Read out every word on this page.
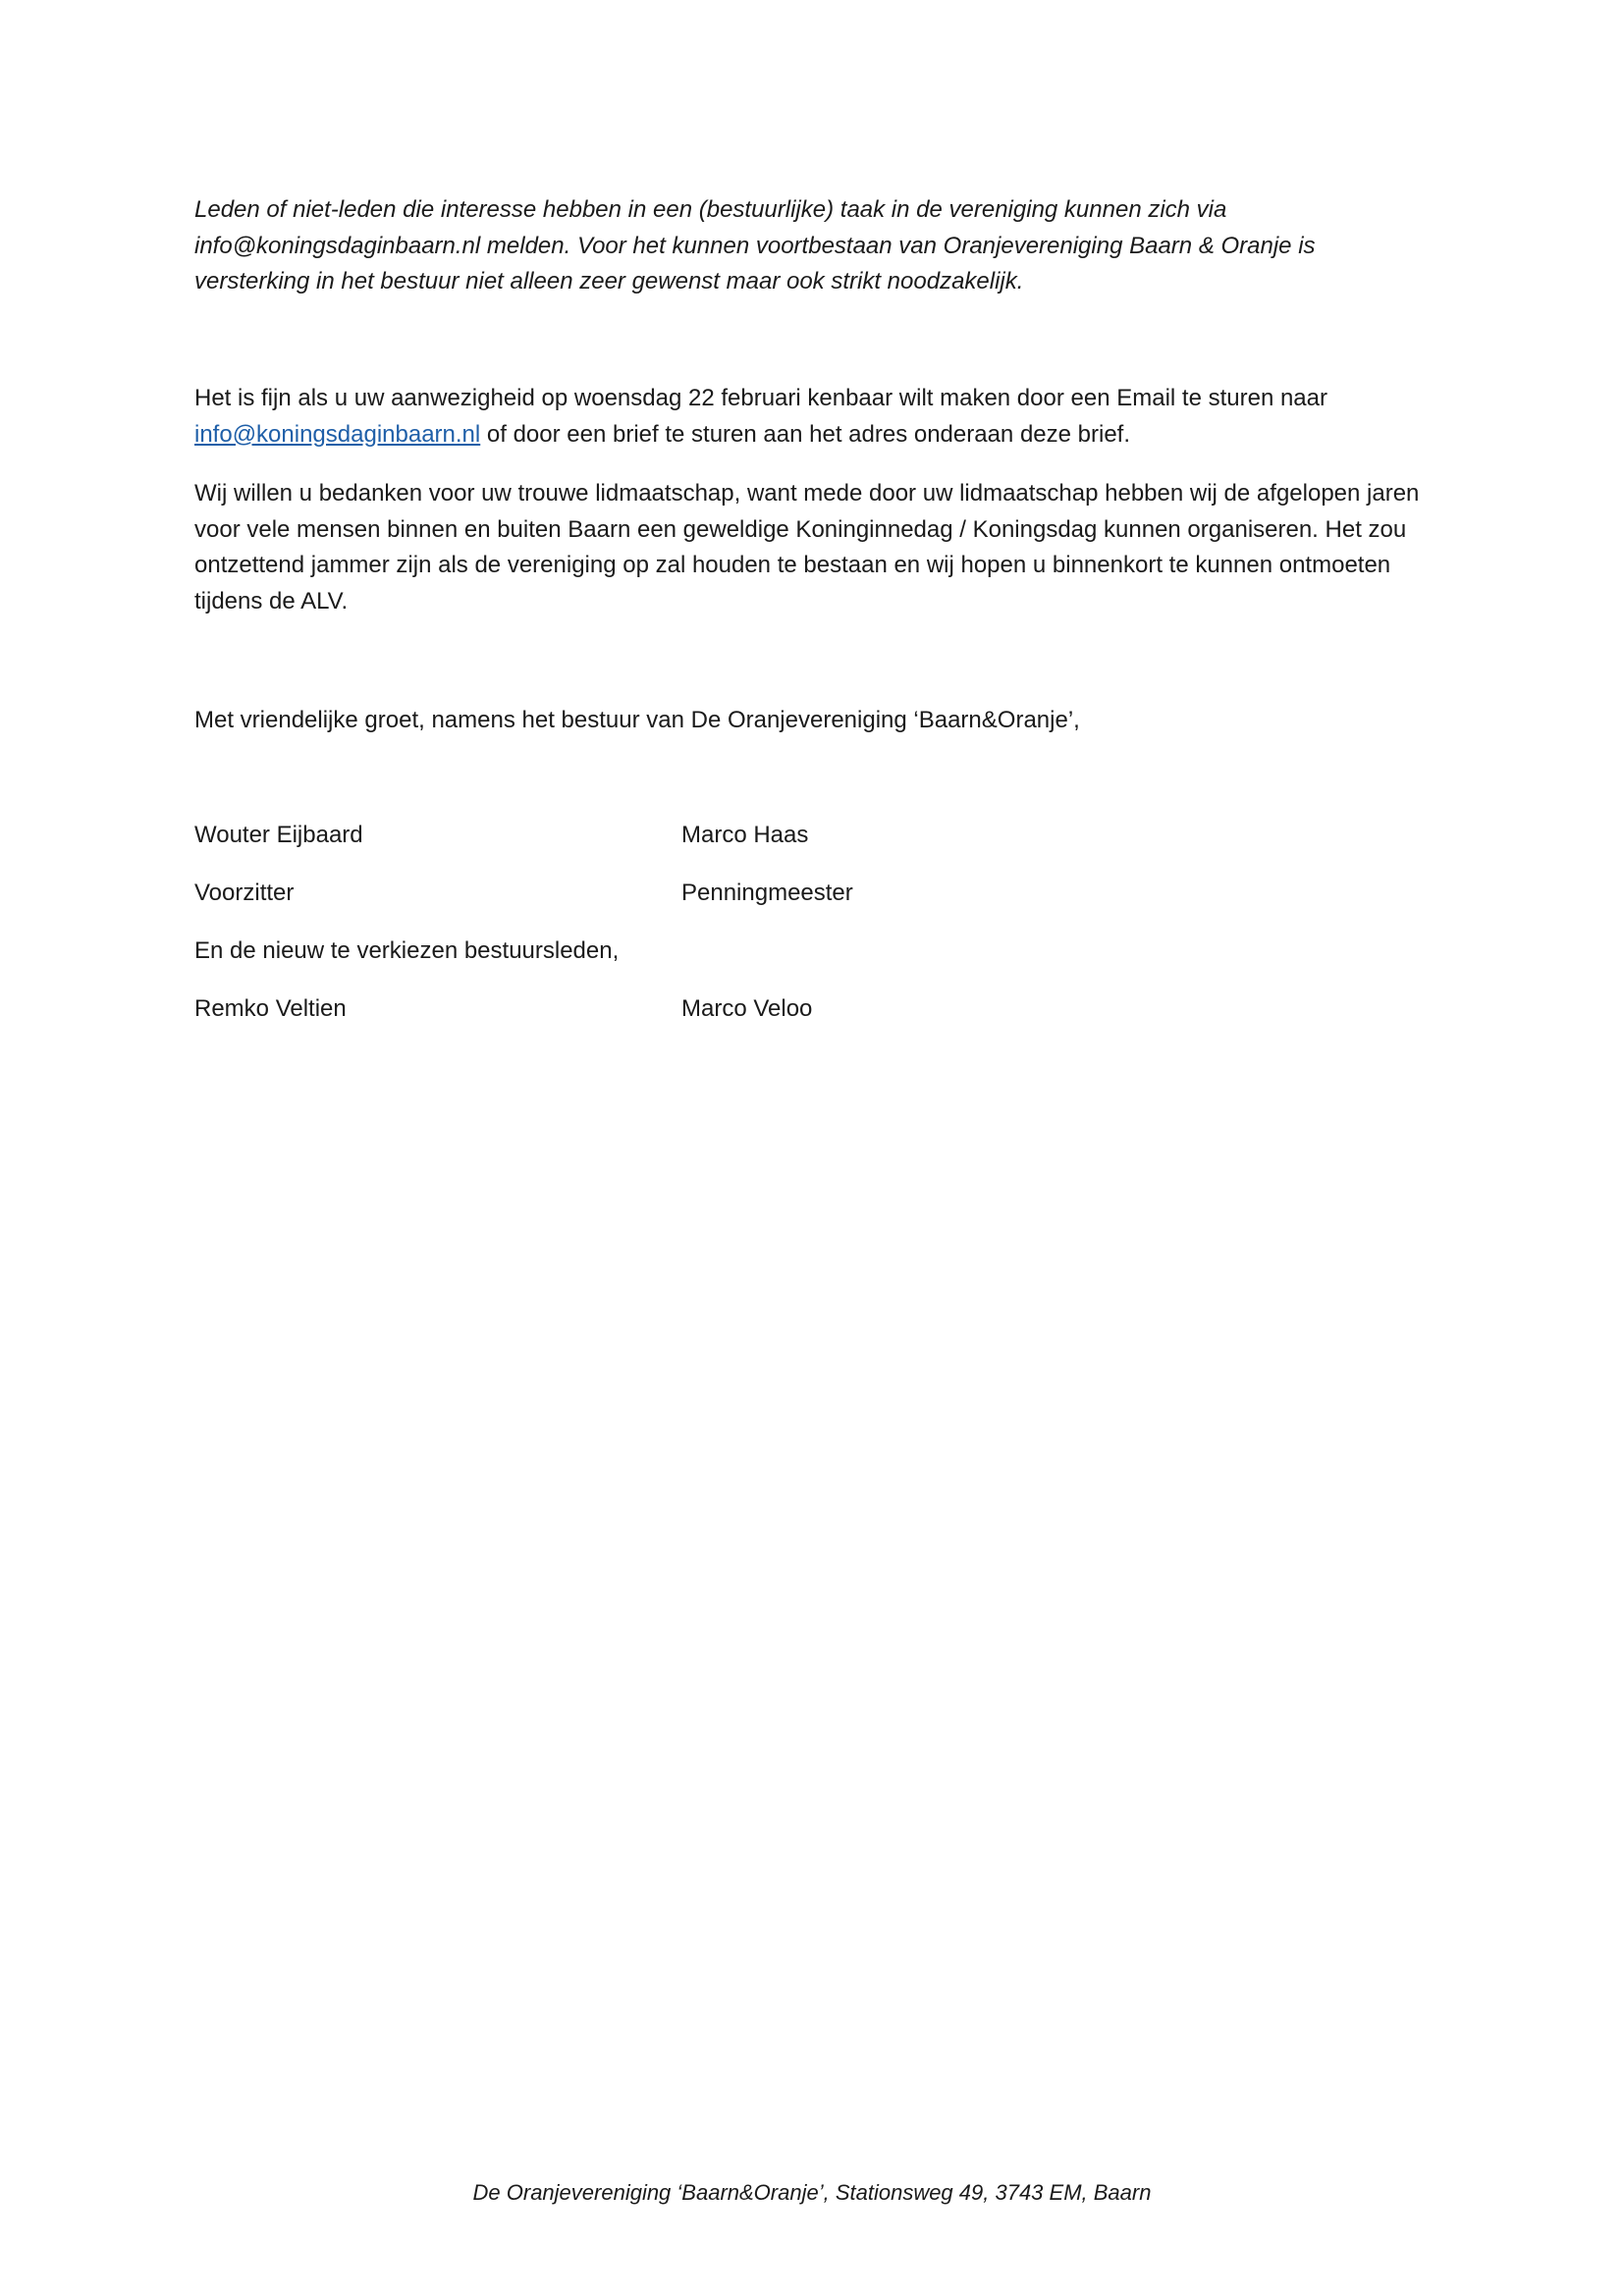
Leden of niet-leden die interesse hebben in een (bestuurlijke) taak in de vereniging kunnen zich via info@koningsdaginbaarn.nl melden. Voor het kunnen voortbestaan van Oranjevereniging Baarn & Oranje is versterking in het bestuur niet alleen zeer gewenst maar ook strikt noodzakelijk.

Het is fijn als u uw aanwezigheid op woensdag 22 februari kenbaar wilt maken door een Email te sturen naar info@koningsdaginbaarn.nl of door een brief te sturen aan het adres onderaan deze brief.

Wij willen u bedanken voor uw trouwe lidmaatschap, want mede door uw lidmaatschap hebben wij de afgelopen jaren voor vele mensen binnen en buiten Baarn een geweldige Koninginnedag / Koningsdag kunnen organiseren. Het zou ontzettend jammer zijn als de vereniging op zal houden te bestaan en wij hopen u binnenkort te kunnen ontmoeten tijdens de ALV.

Met vriendelijke groet, namens het bestuur van De Oranjevereniging ‘Baarn&Oranje’,

Wouter Eijbaard	Marco Haas

Voorzitter	Penningmeester

En de nieuw te verkiezen bestuursleden,

Remko Veltien	Marco Veloo

De Oranjevereniging ‘Baarn&Oranje’, Stationsweg 49, 3743 EM, Baarn
